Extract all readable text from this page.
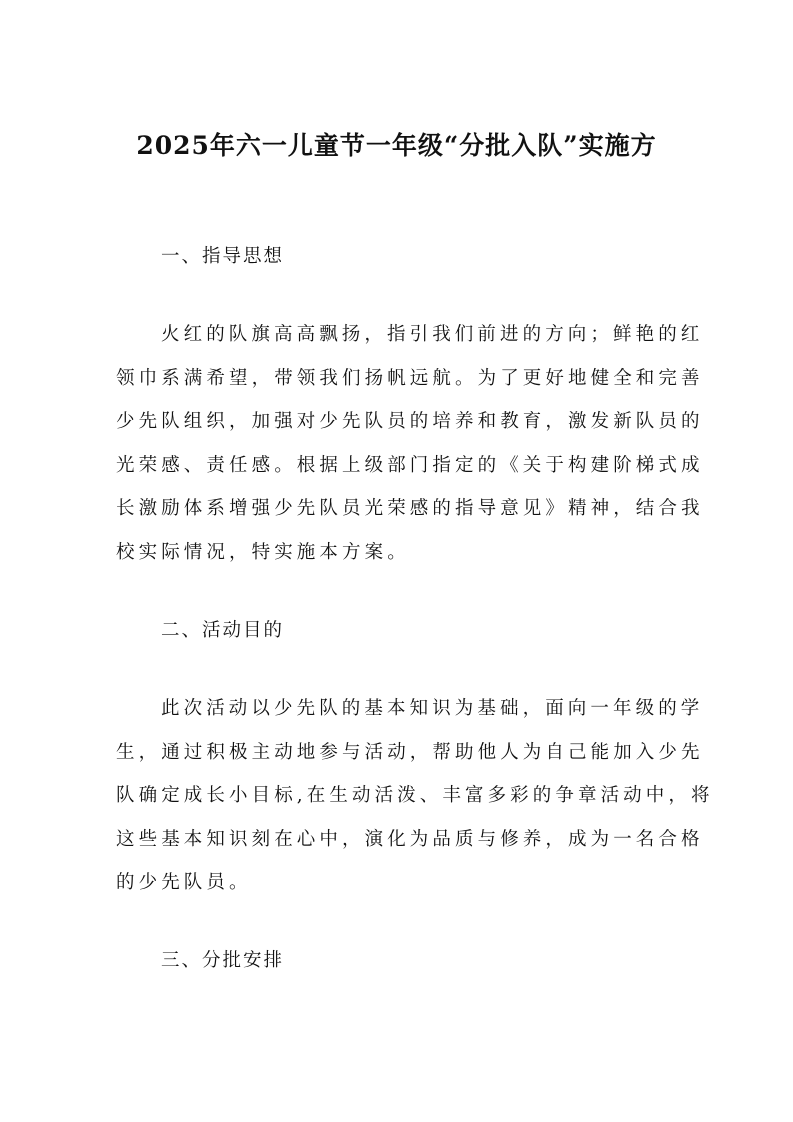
2025年六一儿童节一年级“分批入队”实施方
一、指导思想
火红的队旗高高飘扬，指引我们前进的方向；鲜艳的红
领巾系满希望，带领我们扬帆远航。为了更好地健全和完善
少先队组织，加强对少先队员的培养和教育，激发新队员的
光荣感、责任感。根据上级部门指定的《关于构建阶梯式成
长激励体系增强少先队员光荣感的指导意见》精神，结合我
校实际情况，特实施本方案。
二、活动目的
此次活动以少先队的基本知识为基础，面向一年级的学
生，通过积极主动地参与活动，帮助他人为自己能加入少先
队确定成长小目标,在生动活泼、丰富多彩的争章活动中，将
这些基本知识刻在心中，演化为品质与修养，成为一名合格
的少先队员。
三、分批安排
